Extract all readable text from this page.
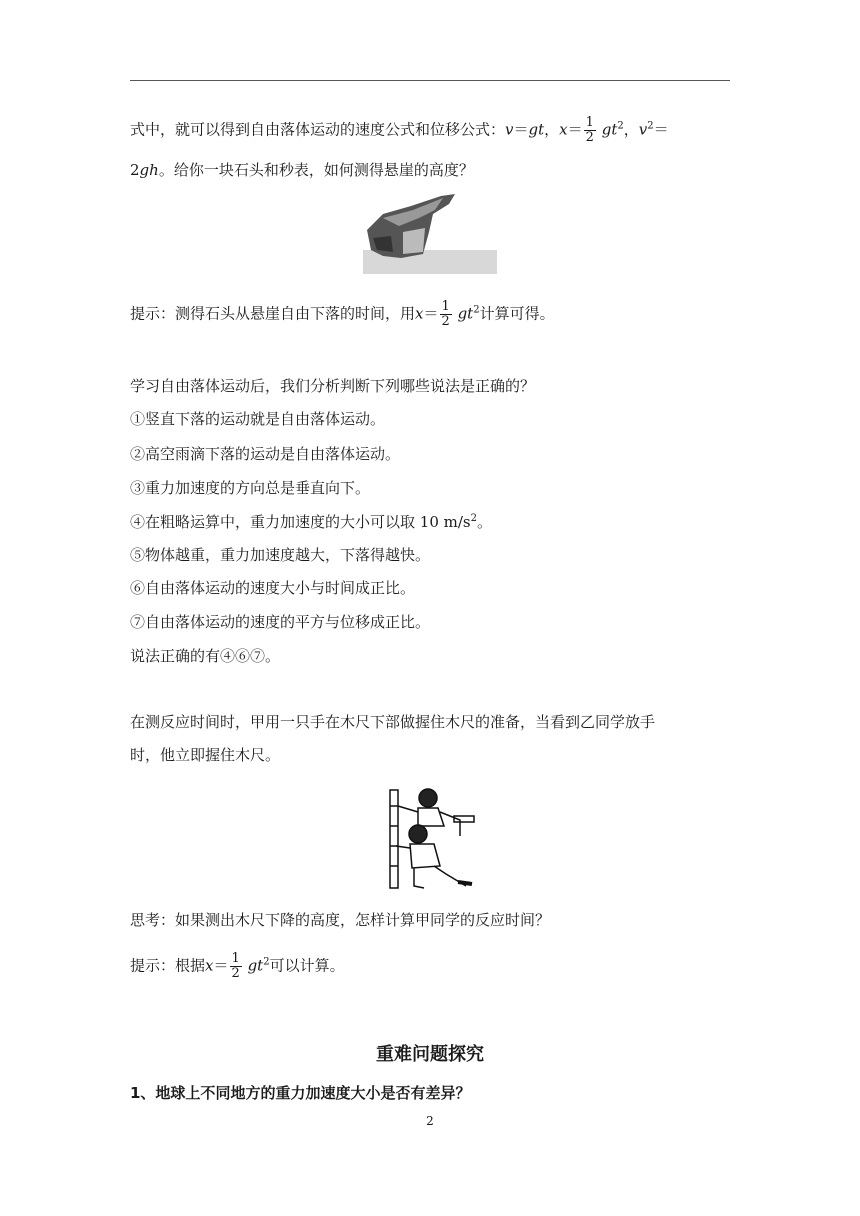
式中，就可以得到自由落体运动的速度公式和位移公式：v＝gt，$x= \frac{1}{2} gt^2$，$v^2=$
2gh。给你一块石头和秒表，如何测得悬崖的高度？
提示：测得石头从悬崖自由下落的时间，用$x= \frac{1}{2} gt^2$计算可得。
学习自由落体运动后，我们分析判断下列哪些说法是正确的？
①竖直下落的运动就是自由落体运动。
②高空雨滴下落的运动是自由落体运动。
③重力加速度的方向总是垂直向下。
④在粗略运算中，重力加速度的大小可以取 10 $m/s^2$。
⑤物体越重，重力加速度越大，下落得越快。
⑥自由落体运动的速度大小与时间成正比。
⑦自由落体运动的速度的平方与位移成正比。
说法正确的有④⑥⑦。
在测反应时间时，甲用一只手在木尺下部做握住木尺的准备，当看到乙同学放手
时，他立即握住木尺。
思考：如果测出木尺下降的高度，怎样计算甲同学的反应时间？
提示：根据$x= \frac{1}{2} gt^2$可以计算。
重难问题探究
1、地球上不同地方的重力加速度大小是否有差异？
2
